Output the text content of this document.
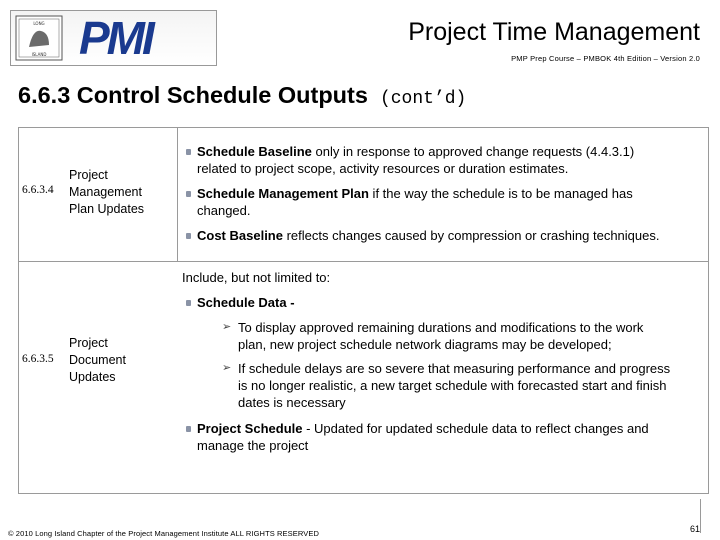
LONG
ISLAND PMI	Project Time Management
PMP Prep Course – PMBOK 4th Edition – Version 2.0
6.6.3 Control Schedule Outputs (cont’d)
6.6.3.4
Project
Management
Plan Updates
Schedule Baseline only in response to approved change requests (4.4.3.1)
related to project scope, activity resources or duration estimates.
Schedule Management Plan if the way the schedule is to be managed has
changed.
Cost Baseline reflects changes caused by compression or crashing techniques.
6.6.3.5
Project
Document
Updates
Include, but not limited to:
Schedule Data -
➢ To display approved remaining durations and modifications to the work
plan, new project schedule network diagrams may be developed;
➢ If schedule delays are so severe that measuring performance and progress
is no longer realistic, a new target schedule with forecasted start and finish
dates is necessary
Project Schedule - Updated for updated schedule data to reflect changes and
manage the project
© 2010 Long Island Chapter of the Project Management Institute ALL RIGHTS RESERVED	61
